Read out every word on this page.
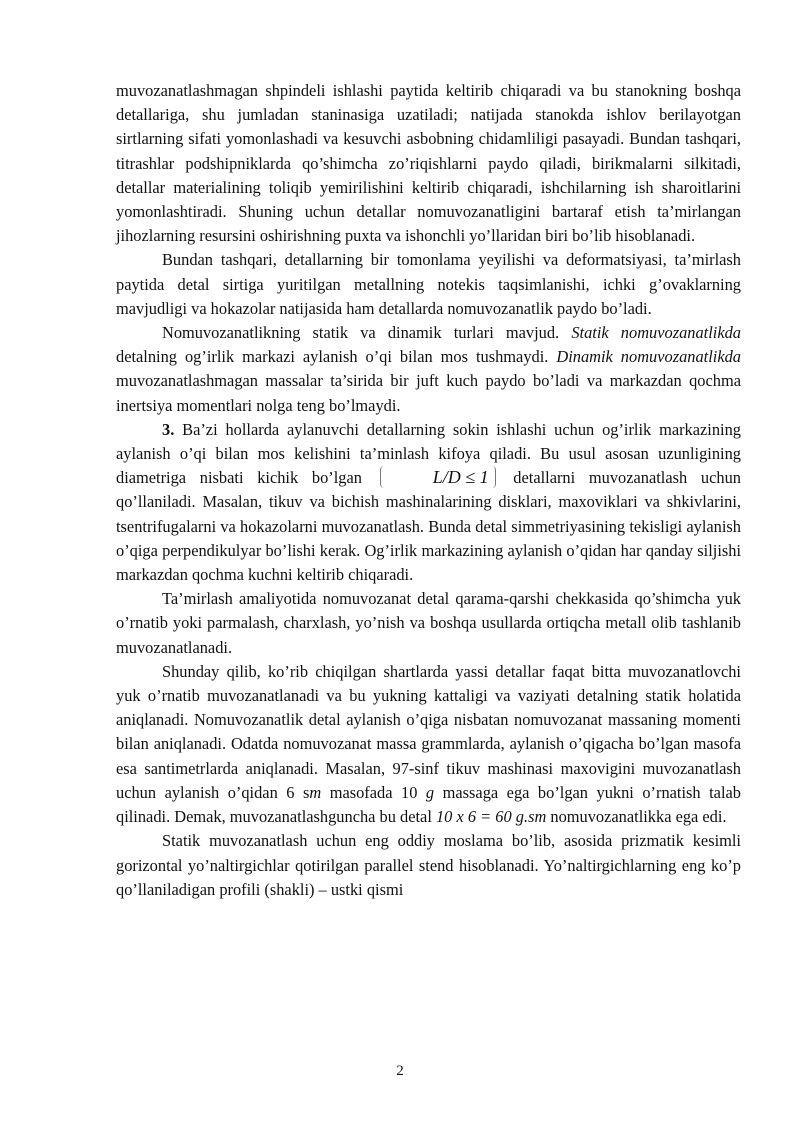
muvozanatlashmagan shpindeli ishlashi paytida keltirib chiqaradi va bu stanokning boshqa detallariga, shu jumladan staninasiga uzatiladi; natijada stanokda ishlov berilayotgan sirtlarning sifati yomonlashadi va kesuvchi asbobning chidamliligi pasayadi. Bundan tashqari, titrashlar podshipniklarda qo’shimcha zo’riqishlarni paydo qiladi, birikmalarni silkitadi, detallar materialining toliqib yemirilishini keltirib chiqaradi, ishchilarning ish sharoitlarini yomonlashtiradi. Shuning uchun detallar nomuvozanatligini bartaraf etish ta’mirlangan jihozlarning resursini oshirishning puxta va ishonchli yo’llaridan biri bo’lib hisoblanadi.

Bundan tashqari, detallarning bir tomonlama yeyilishi va deformatsiyasi, ta’mirlash paytida detal sirtiga yuritilgan metallning notekis taqsimlanishi, ichki g’ovaklarning mavjudligi va hokazolar natijasida ham detallarda nomuvozanatlik paydo bo’ladi.

Nomuvozanatlikning statik va dinamik turlari mavjud. Statik nomuvozanatlikda detalning og’irlik markazi aylanish o’qi bilan mos tushmaydi. Dinamik nomuvozanatlikda muvozanatlashmagan massalar ta’sirida bir juft kuch paydo bo’ladi va markazdan qochma inertsiya momentlari nolga teng bo’lmaydi.

3. Ba’zi hollarda aylanuvchi detallarning sokin ishlashi uchun og’irlik markazining aylanish o’qi bilan mos kelishini ta’minlash kifoya qiladi. Bu usul asosan uzunligining diametriga nisbati kichik bo’lgan	L/D ≤ 1 detallarni muvozanatlash uchun qo’llaniladi. Masalan, tikuv va bichish mashinalarining disklari, maxoviklari va shkivlarini, tsentrifugalarni va hokazolarni muvozanatlash. Bunda detal simmetriyasining tekisligi aylanish o’qiga perpendikulyar bo’lishi kerak. Og’irlik markazining aylanish o’qidan har qanday siljishi markazdan qochma kuchni keltirib chiqaradi.

Ta’mirlash amaliyotida nomuvozanat detal qarama-qarshi chekkasida qo’shimcha yuk o’rnatib yoki parmalash, charxlash, yo’nish va boshqa usullarda ortiqcha metall olib tashlanib muvozanatlanadi.

Shunday qilib, ko’rib chiqilgan shartlarda yassi detallar faqat bitta muvozanatlovchi yuk o’rnatib muvozanatlanadi va bu yukning kattaligi va vaziyati detalning statik holatida aniqlanadi. Nomuvozanatlik detal aylanish o’qiga nisbatan nomuvozanat massaning momenti bilan aniqlanadi. Odatda nomuvozanat massa grammlarda, aylanish o’qigacha bo’lgan masofa esa santimetrlarda aniqlanadi. Masalan, 97-sinf tikuv mashinasi maxovigini muvozanatlash uchun aylanish o’qidan 6 sm masofada 10 g massaga ega bo’lgan yukni o’rnatish talab qilinadi. Demak, muvozanatlashguncha bu detal 10 x 6 = 60 g.sm nomuvozanatlikka ega edi.

Statik muvozanatlash uchun eng oddiy moslama bo’lib, asosida prizmatik kesimli gorizontal yo’naltirgichlar qotirilgan parallel stend hisoblanadi. Yo’naltirgichlarning eng ko’p qo’llaniladigan profili (shakli) – ustki qismi

2
